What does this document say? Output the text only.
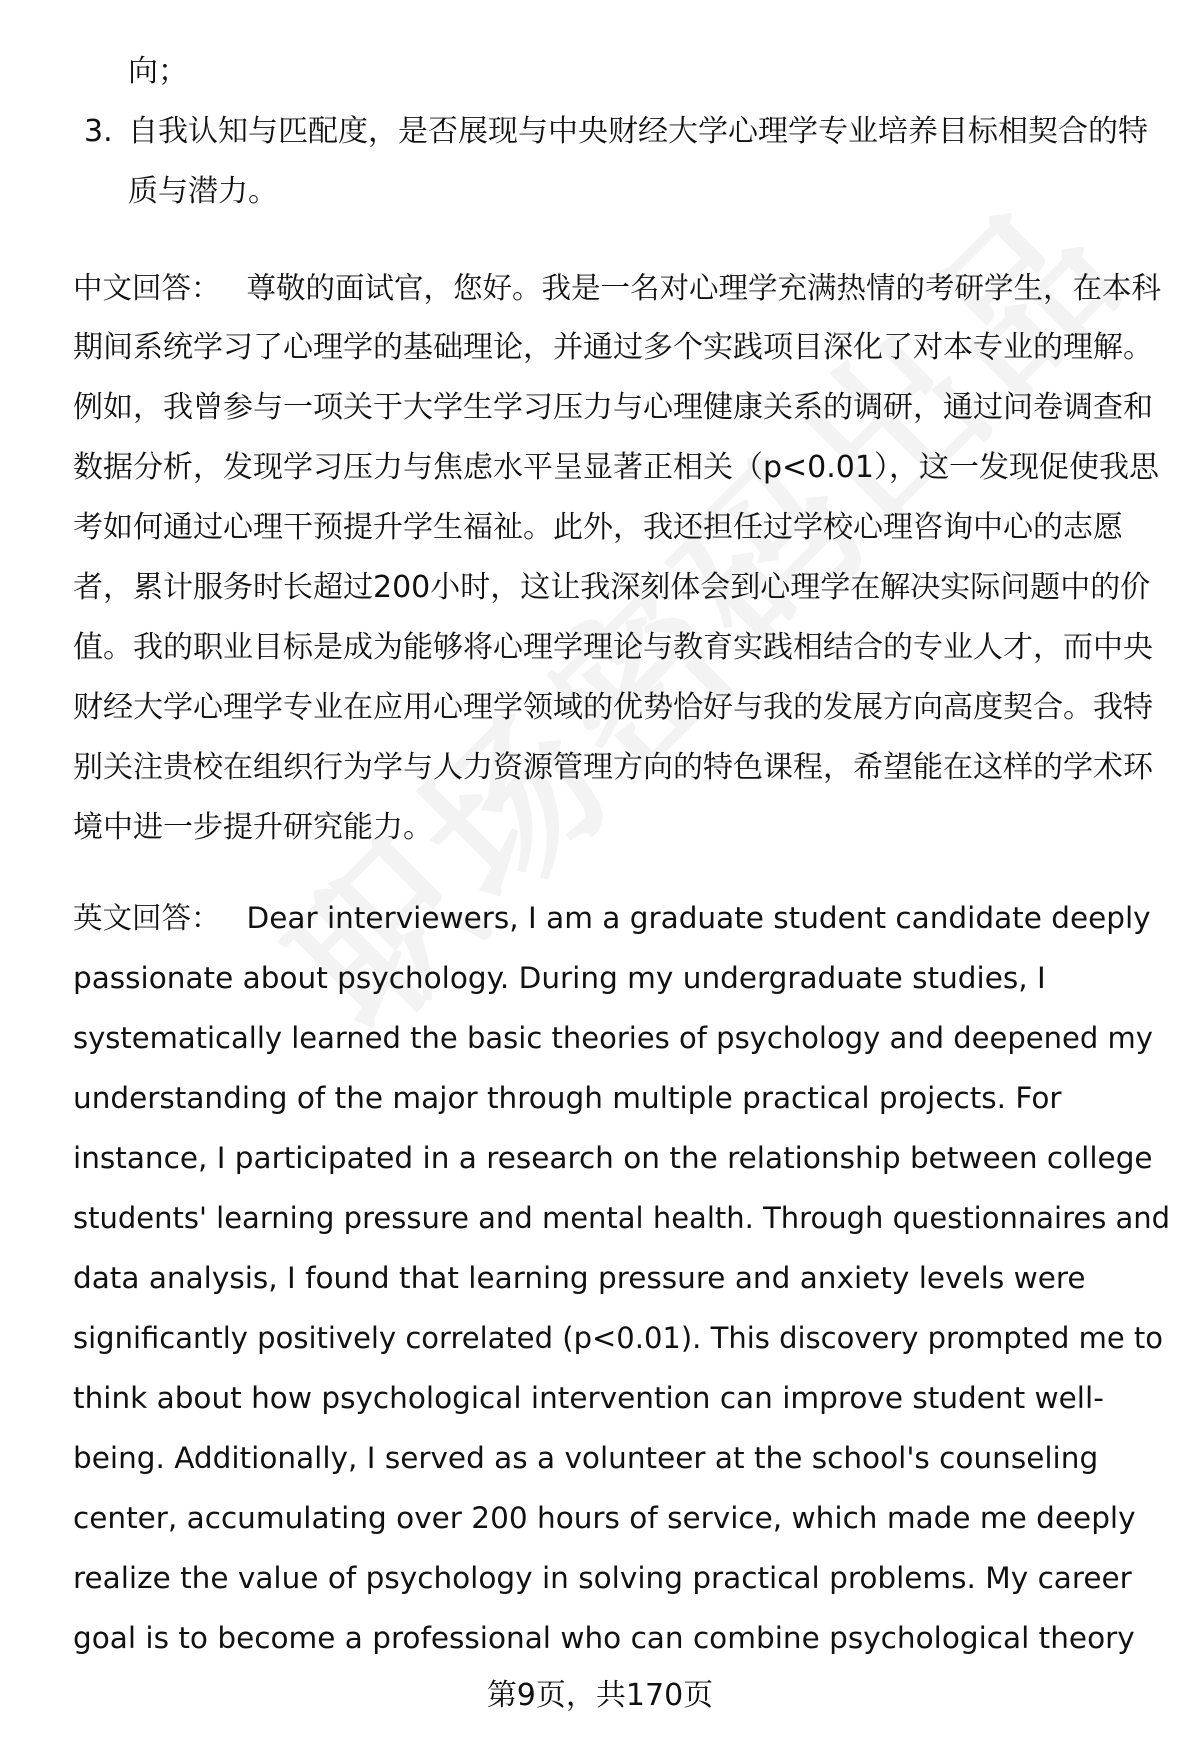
向；
3. 自我认知与匹配度，是否展现与中央财经大学心理学专业培养目标相契合的特
质与潜力。
中文回答： 尊敬的面试官，您好。我是一名对心理学充满热情的考研学生，在本科
期间系统学习了心理学的基础理论，并通过多个实践项目深化了对本专业的理解。
例如，我曾参与一项关于大学生学习压力与心理健康关系的调研，通过问卷调查和
数据分析，发现学习压力与焦虑水平呈显著正相关（p<0.01），这一发现促使我思
考如何通过心理干预提升学生福祉。此外，我还担任过学校心理咨询中心的志愿
者，累计服务时长超过200小时，这让我深刻体会到心理学在解决实际问题中的价
值。我的职业目标是成为能够将心理学理论与教育实践相结合的专业人才，而中央
财经大学心理学专业在应用心理学领域的优势恰好与我的发展方向高度契合。我特
别关注贵校在组织行为学与人力资源管理方向的特色课程，希望能在这样的学术环
境中进一步提升研究能力。
英文回答： Dear interviewers, I am a graduate student candidate deeply
passionate about psychology. During my undergraduate studies, I
systematically learned the basic theories of psychology and deepened my
understanding of the major through multiple practical projects. For
instance, I participated in a research on the relationship between college
students' learning pressure and mental health. Through questionnaires and
data analysis, I found that learning pressure and anxiety levels were
significantly positively correlated (p<0.01). This discovery prompted me to
think about how psychological intervention can improve student well-
being. Additionally, I served as a volunteer at the school's counseling
center, accumulating over 200 hours of service, which made me deeply
realize the value of psychology in solving practical problems. My career
goal is to become a professional who can combine psychological theory
第9页，共170页
